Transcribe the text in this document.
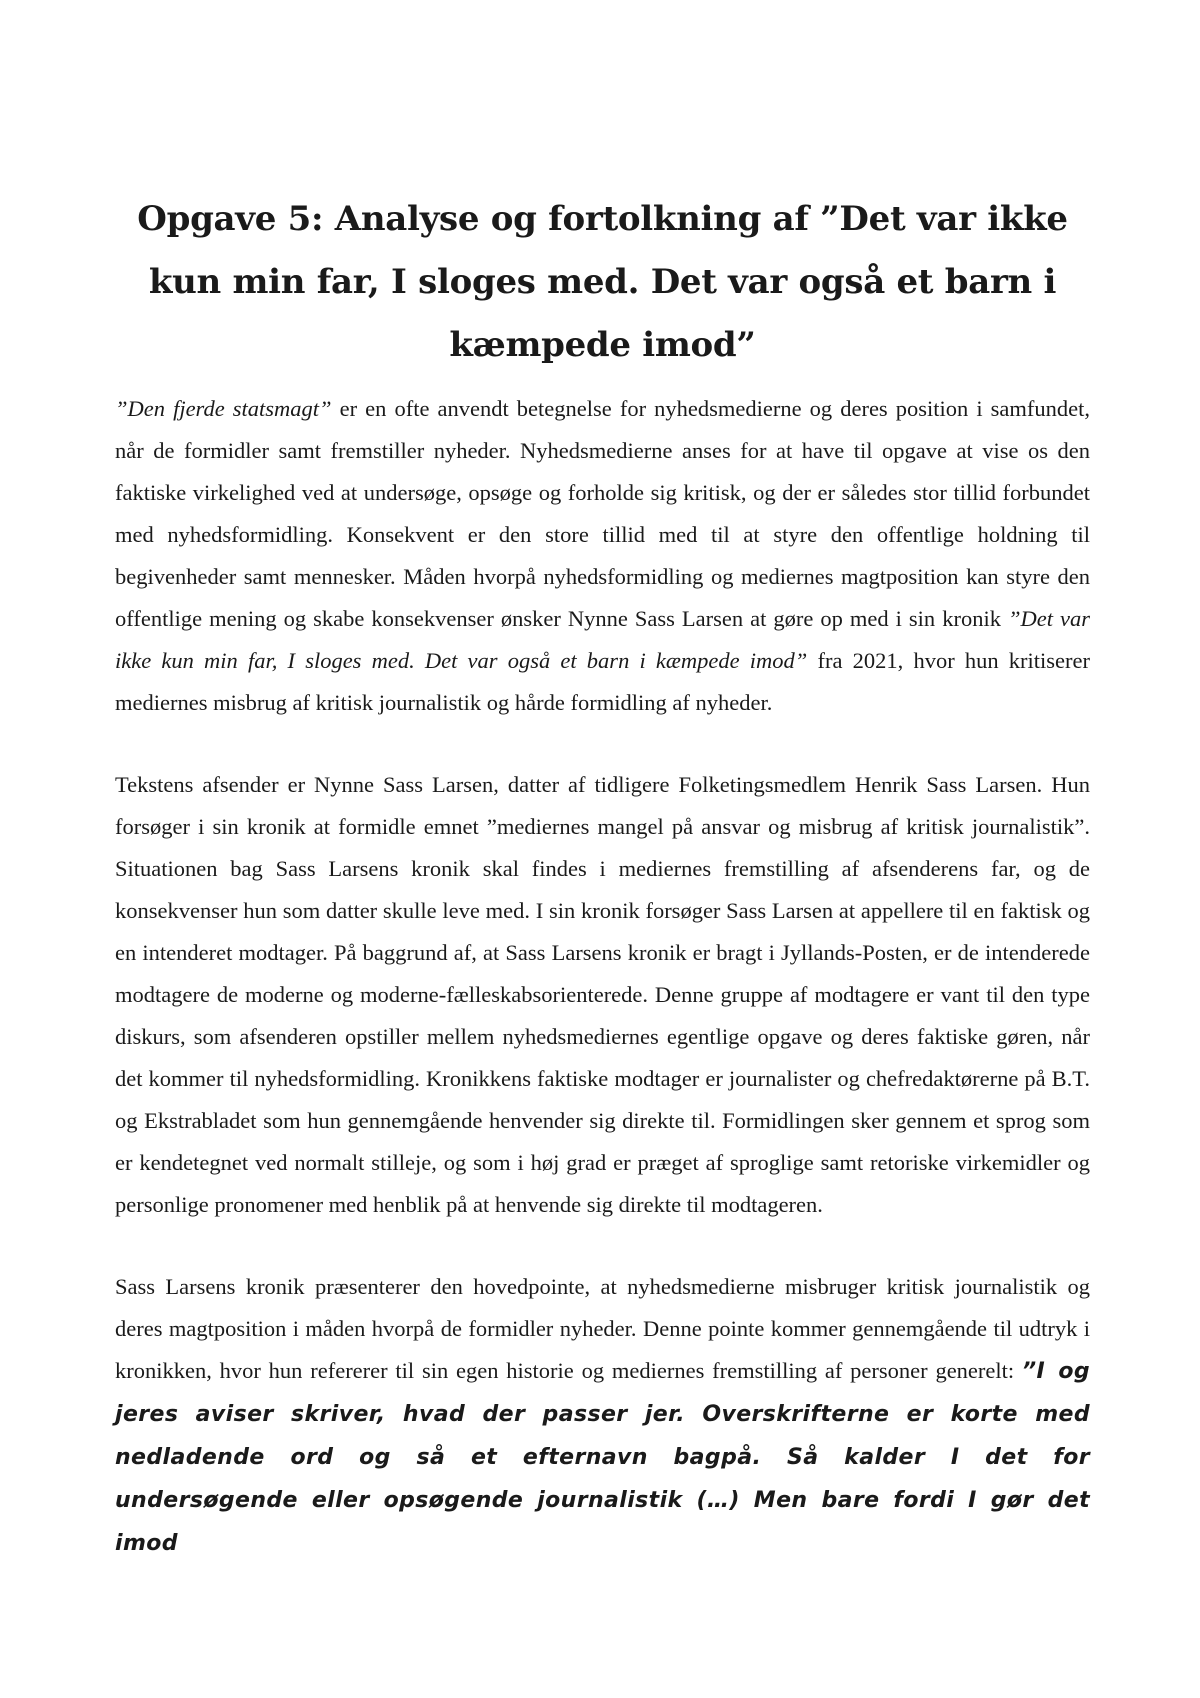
Opgave 5: Analyse og fortolkning af ”Det var ikke kun min far, I sloges med. Det var også et barn i kæmpede imod”

”Den fjerde statsmagt” er en ofte anvendt betegnelse for nyhedsmedierne og deres position i samfundet, når de formidler samt fremstiller nyheder. Nyhedsmedierne anses for at have til opgave at vise os den faktiske virkelighed ved at undersøge, opsøge og forholde sig kritisk, og der er således stor tillid forbundet med nyhedsformidling. Konsekvent er den store tillid med til at styre den offentlige holdning til begivenheder samt mennesker. Måden hvorpå nyhedsformidling og mediernes magtposition kan styre den offentlige mening og skabe konsekvenser ønsker Nynne Sass Larsen at gøre op med i sin kronik ”Det var ikke kun min far, I sloges med. Det var også et barn i kæmpede imod” fra 2021, hvor hun kritiserer mediernes misbrug af kritisk journalistik og hårde formidling af nyheder.

Tekstens afsender er Nynne Sass Larsen, datter af tidligere Folketingsmedlem Henrik Sass Larsen. Hun forsøger i sin kronik at formidle emnet ”mediernes mangel på ansvar og misbrug af kritisk journalistik”. Situationen bag Sass Larsens kronik skal findes i mediernes fremstilling af afsenderens far, og de konsekvenser hun som datter skulle leve med. I sin kronik forsøger Sass Larsen at appellere til en faktisk og en intenderet modtager. På baggrund af, at Sass Larsens kronik er bragt i Jyllands-Posten, er de intenderede modtagere de moderne og moderne-fælleskabsorienterede. Denne gruppe af modtagere er vant til den type diskurs, som afsenderen opstiller mellem nyhedsmediernes egentlige opgave og deres faktiske gøren, når det kommer til nyhedsformidling. Kronikkens faktiske modtager er journalister og chefredaktørerne på B.T. og Ekstrabladet som hun gennemgående henvender sig direkte til. Formidlingen sker gennem et sprog som er kendetegnet ved normalt stilleje, og som i høj grad er præget af sproglige samt retoriske virkemidler og personlige pronomener med henblik på at henvende sig direkte til modtageren.

Sass Larsens kronik præsenterer den hovedpointe, at nyhedsmedierne misbruger kritisk journalistik og deres magtposition i måden hvorpå de formidler nyheder. Denne pointe kommer gennemgående til udtryk i kronikken, hvor hun refererer til sin egen historie og mediernes fremstilling af personer generelt: ”I og jeres aviser skriver, hvad der passer jer. Overskrifterne er korte med nedladende ord og så et efternavn bagpå. Så kalder I det for undersøgende eller opsøgende journalistik (…) Men bare fordi I gør det imod
